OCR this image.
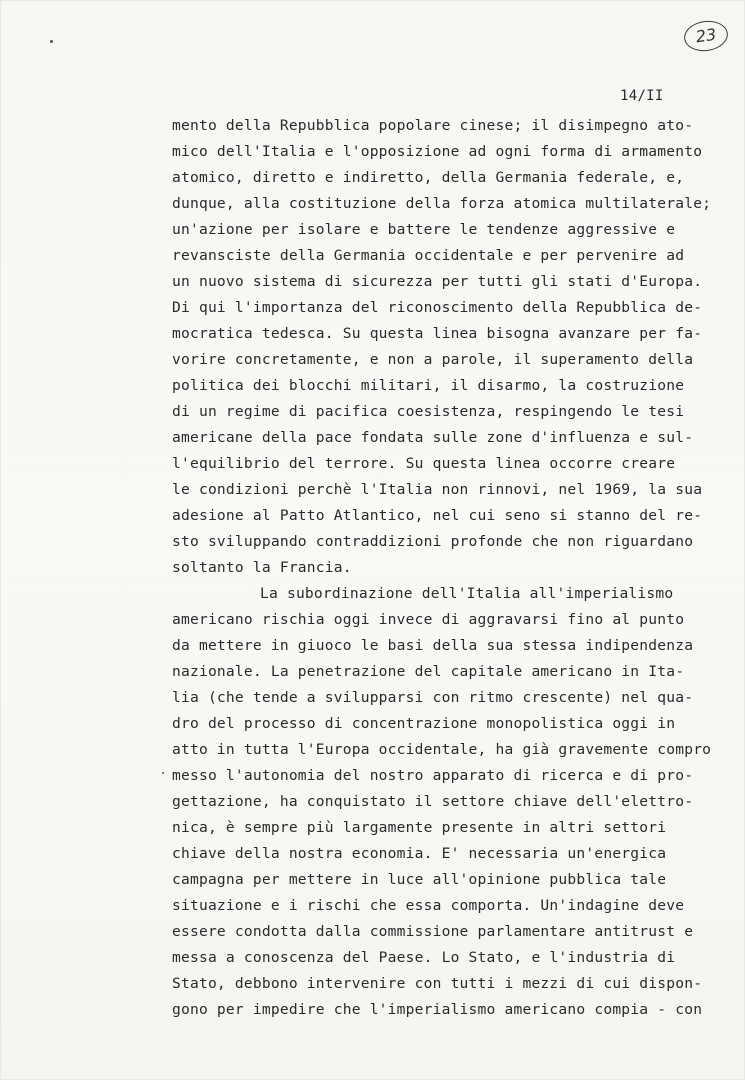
23
14/II
mento della Repubblica popolare cinese; il disimpegno ato-
mico dell'Italia e l'opposizione ad ogni forma di armamento
atomico, diretto e indiretto, della Germania federale, e,
dunque, alla costituzione della forza atomica multilaterale;
un'azione per isolare e battere le tendenze aggressive e
revansciste della Germania occidentale e per pervenire ad
un nuovo sistema di sicurezza per tutti gli stati d'Europa.
Di qui l'importanza del riconoscimento della Repubblica de-
mocratica tedesca. Su questa linea bisogna avanzare per fa-
vorire concretamente, e non a parole, il superamento della
politica dei blocchi militari, il disarmo, la costruzione
di un regime di pacifica coesistenza, respingendo le tesi
americane della pace fondata sulle zone d'influenza e sul-
l'equilibrio del terrore. Su questa linea occorre creare
le condizioni perchè l'Italia non rinnovi, nel 1969, la sua
adesione al Patto Atlantico, nel cui seno si stanno del re-
sto sviluppando contraddizioni profonde che non riguardano
soltanto la Francia.
La subordinazione dell'Italia all'imperialismo
americano rischia oggi invece di aggravarsi fino al punto
da mettere in giuoco le basi della sua stessa indipendenza
nazionale. La penetrazione del capitale americano in Ita-
lia (che tende a svilupparsi con ritmo crescente) nel qua-
dro del processo di concentrazione monopolistica oggi in
atto in tutta l'Europa occidentale, ha già gravemente compro
messo l'autonomia del nostro apparato di ricerca e di pro-
gettazione, ha conquistato il settore chiave dell'elettro-
nica, è sempre più largamente presente in altri settori
chiave della nostra economia. E' necessaria un'energica
campagna per mettere in luce all'opinione pubblica tale
situazione e i rischi che essa comporta. Un'indagine deve
essere condotta dalla commissione parlamentare antitrust e
messa a conoscenza del Paese. Lo Stato, e l'industria di
Stato, debbono intervenire con tutti i mezzi di cui dispon-
gono per impedire che l'imperialismo americano compia - con
